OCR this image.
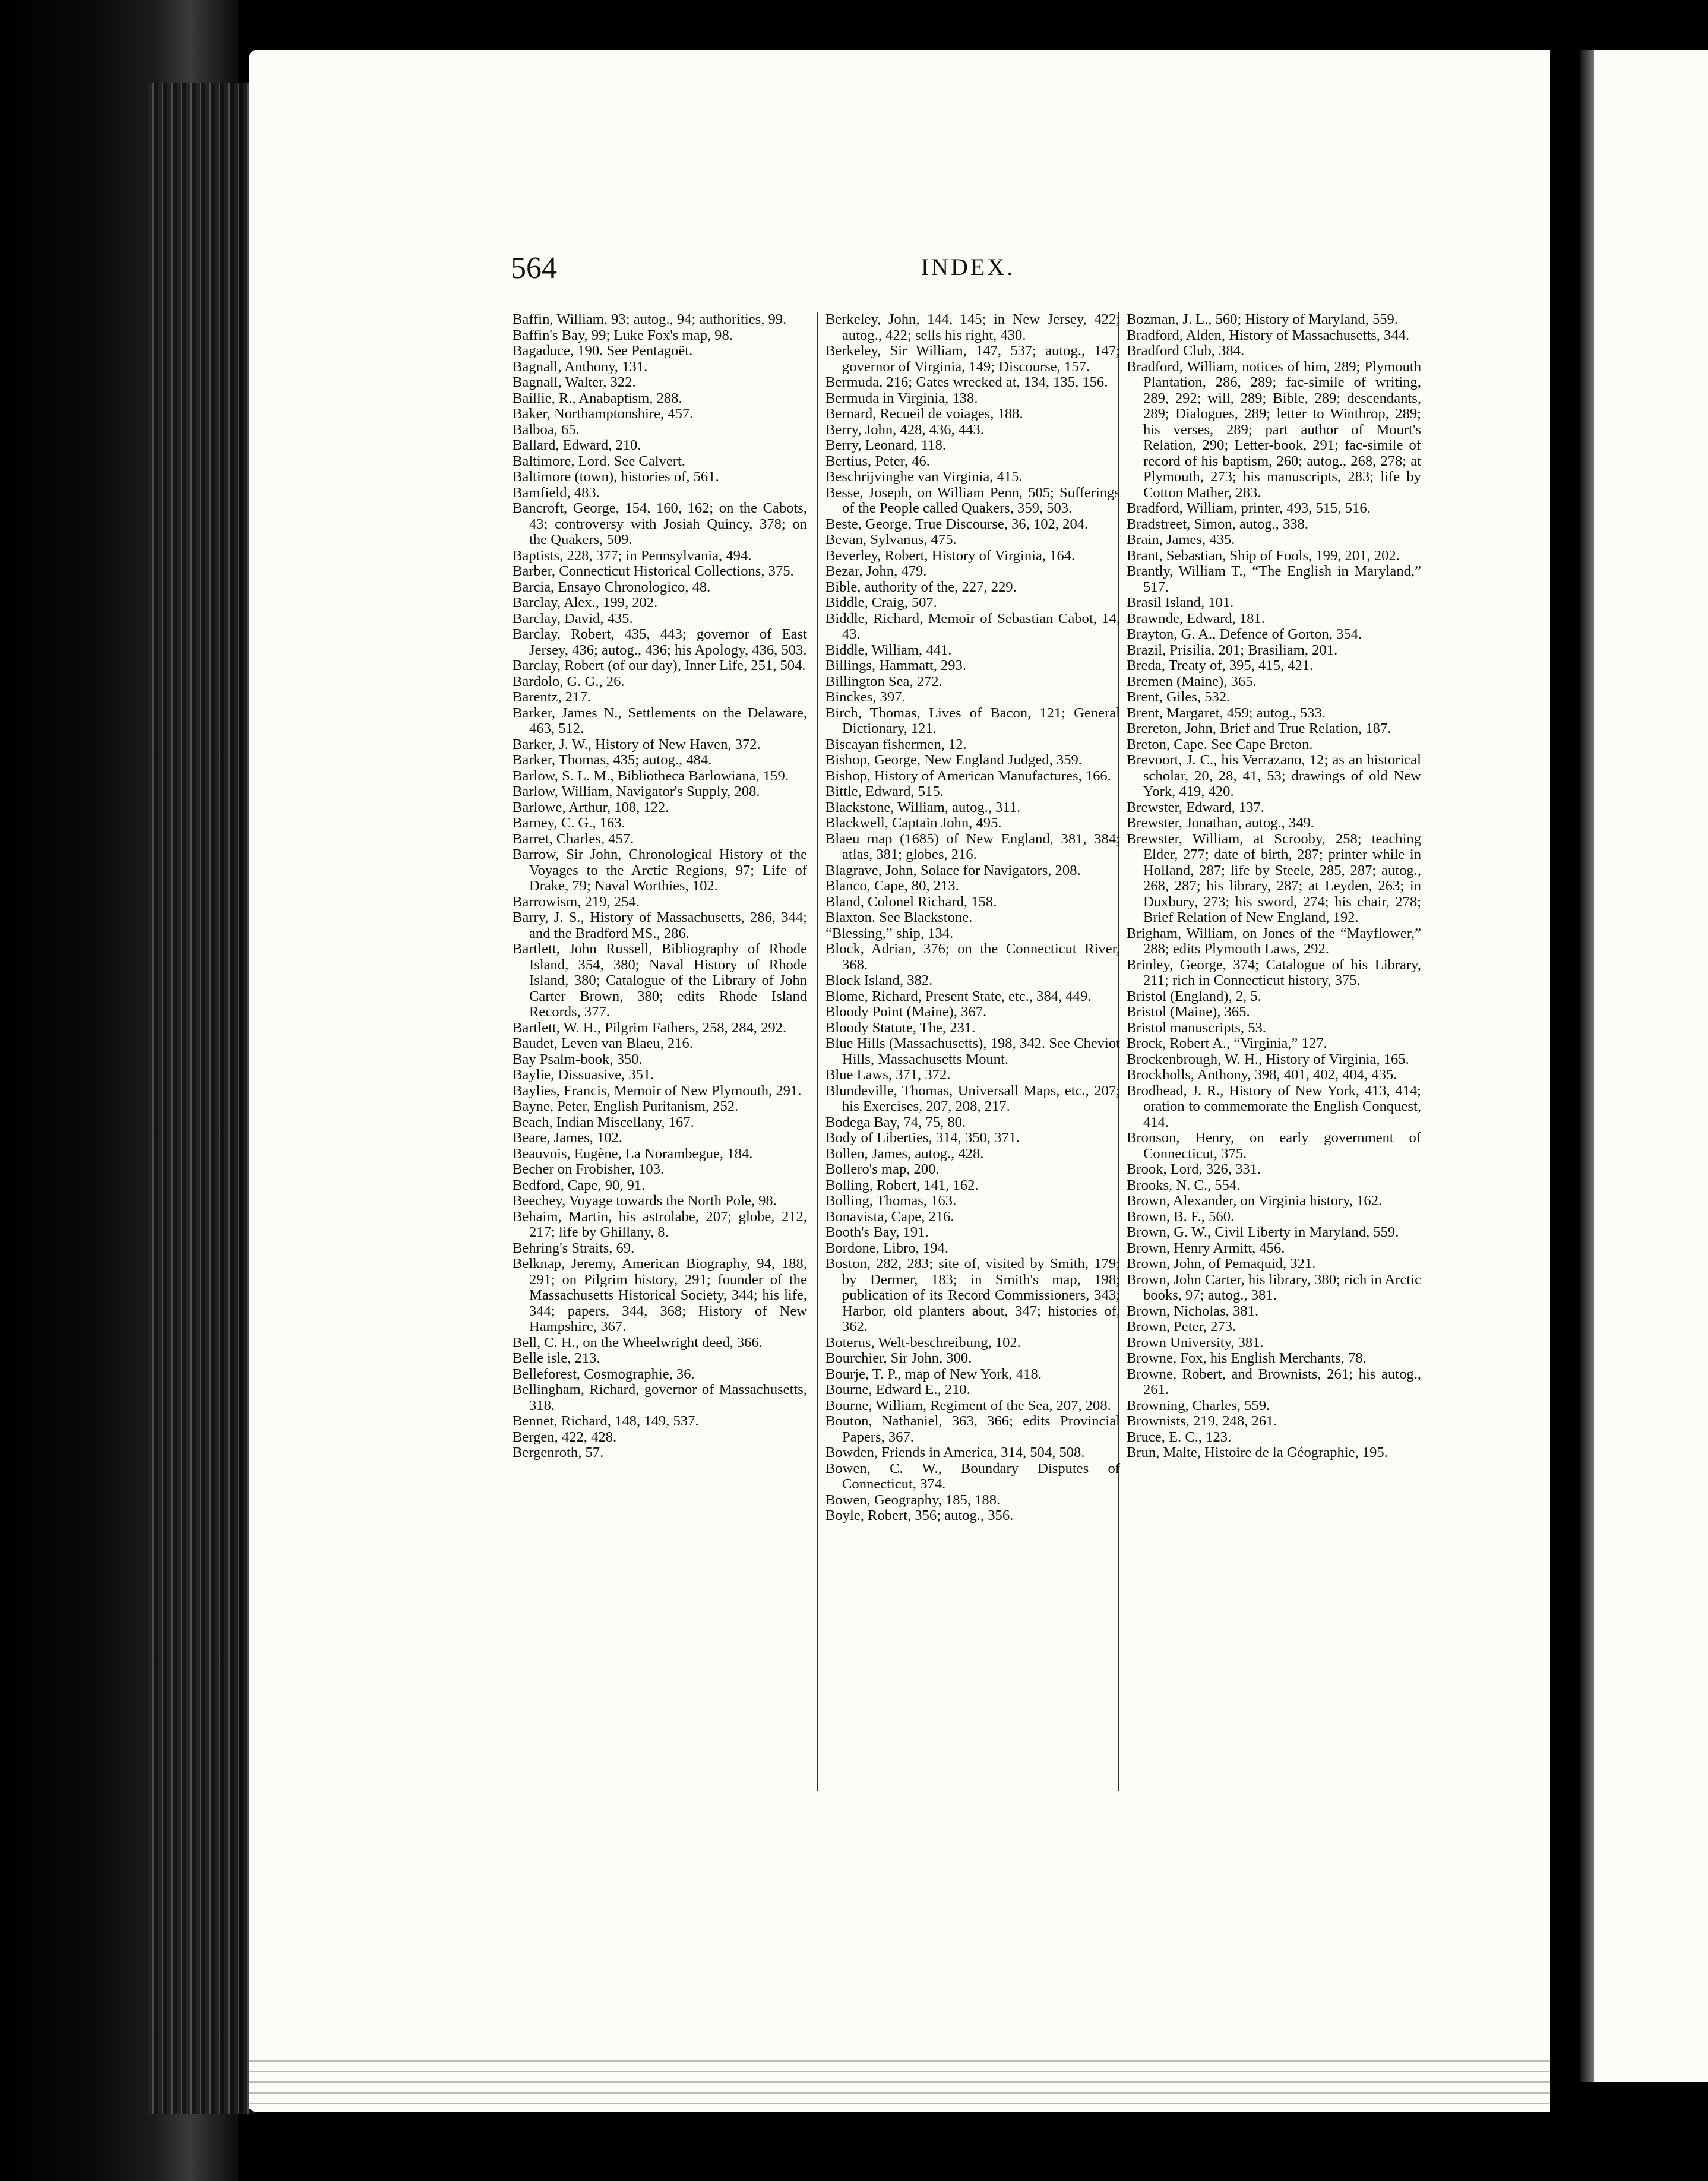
564	INDEX.

Baffin, William, 93; autog., 94; authorities, 99.

Baffin's Bay, 99; Luke Fox's map, 98.

Bagaduce, 190. See Pentagoët.

Bagnall, Anthony, 131.

Bagnall, Walter, 322.

Baillie, R., Anabaptism, 288.

Baker, Northamptonshire, 457.

Balboa, 65.

Ballard, Edward, 210.

Baltimore, Lord. See Calvert.

Baltimore (town), histories of, 561.

Bamfield, 483.

Bancroft, George, 154, 160, 162; on the Cabots, 43; controversy with Josiah Quincy, 378; on the Quakers, 509.

Baptists, 228, 377; in Pennsylvania, 494.

Barber, Connecticut Historical Collections, 375.

Barcia, Ensayo Chronologico, 48.

Barclay, Alex., 199, 202.

Barclay, David, 435.

Barclay, Robert, 435, 443; governor of East Jersey, 436; autog., 436; his Apology, 436, 503.

Barclay, Robert (of our day), Inner Life, 251, 504.

Bardolo, G. G., 26.

Barentz, 217.

Barker, James N., Settlements on the Delaware, 463, 512.

Barker, J. W., History of New Haven, 372.

Barker, Thomas, 435; autog., 484.

Barlow, S. L. M., Bibliotheca Barlowiana, 159.

Barlow, William, Navigator's Supply, 208.

Barlowe, Arthur, 108, 122.

Barney, C. G., 163.

Barret, Charles, 457.

Barrow, Sir John, Chronological History of the Voyages to the Arctic Regions, 97; Life of Drake, 79; Naval Worthies, 102.

Barrowism, 219, 254.

Barry, J. S., History of Massachusetts, 286, 344; and the Bradford MS., 286.

Bartlett, John Russell, Bibliography of Rhode Island, 354, 380; Naval History of Rhode Island, 380; Catalogue of the Library of John Carter Brown, 380; edits Rhode Island Records, 377.

Bartlett, W. H., Pilgrim Fathers, 258, 284, 292.

Baudet, Leven van Blaeu, 216.

Bay Psalm-book, 350.

Baylie, Dissuasive, 351.

Baylies, Francis, Memoir of New Plymouth, 291.

Bayne, Peter, English Puritanism, 252.

Beach, Indian Miscellany, 167.

Beare, James, 102.

Beauvois, Eugène, La Norambegue, 184.

Becher on Frobisher, 103.

Bedford, Cape, 90, 91.

Beechey, Voyage towards the North Pole, 98.

Behaim, Martin, his astrolabe, 207; globe, 212, 217; life by Ghillany, 8.

Behring's Straits, 69.

Belknap, Jeremy, American Biography, 94, 188, 291; on Pilgrim history, 291; founder of the Massachusetts Historical Society, 344; his life, 344; papers, 344, 368; History of New Hampshire, 367.

Bell, C. H., on the Wheelwright deed, 366.

Belle isle, 213.

Belleforest, Cosmographie, 36.

Bellingham, Richard, governor of Massachusetts, 318.

Bennet, Richard, 148, 149, 537.

Bergen, 422, 428.

Bergenroth, 57.

Berkeley, John, 144, 145; in New Jersey, 422; autog., 422; sells his right, 430.

Berkeley, Sir William, 147, 537; autog., 147; governor of Virginia, 149; Discourse, 157.

Bermuda, 216; Gates wrecked at, 134, 135, 156.

Bermuda in Virginia, 138.

Bernard, Recueil de voiages, 188.

Berry, John, 428, 436, 443.

Berry, Leonard, 118.

Bertius, Peter, 46.

Beschrijvinghe van Virginia, 415.

Besse, Joseph, on William Penn, 505; Sufferings of the People called Quakers, 359, 503.

Beste, George, True Discourse, 36, 102, 204.

Bevan, Sylvanus, 475.

Beverley, Robert, History of Virginia, 164.

Bezar, John, 479.

Bible, authority of the, 227, 229.

Biddle, Craig, 507.

Biddle, Richard, Memoir of Sebastian Cabot, 14, 43.

Biddle, William, 441.

Billings, Hammatt, 293.

Billington Sea, 272.

Binckes, 397.

Birch, Thomas, Lives of Bacon, 121; General Dictionary, 121.

Biscayan fishermen, 12.

Bishop, George, New England Judged, 359.

Bishop, History of American Manufactures, 166.

Bittle, Edward, 515.

Blackstone, William, autog., 311.

Blackwell, Captain John, 495.

Blaeu map (1685) of New England, 381, 384; atlas, 381; globes, 216.

Blagrave, John, Solace for Navigators, 208.

Blanco, Cape, 80, 213.

Bland, Colonel Richard, 158.

Blaxton. See Blackstone.

“Blessing,” ship, 134.

Block, Adrian, 376; on the Connecticut River, 368.

Block Island, 382.

Blome, Richard, Present State, etc., 384, 449.

Bloody Point (Maine), 367.

Bloody Statute, The, 231.

Blue Hills (Massachusetts), 198, 342. See Cheviot Hills, Massachusetts Mount.

Blue Laws, 371, 372.

Blundeville, Thomas, Universall Maps, etc., 207; his Exercises, 207, 208, 217.

Bodega Bay, 74, 75, 80.

Body of Liberties, 314, 350, 371.

Bollen, James, autog., 428.

Bollero's map, 200.

Bolling, Robert, 141, 162.

Bolling, Thomas, 163.

Bonavista, Cape, 216.

Booth's Bay, 191.

Bordone, Libro, 194.

Boston, 282, 283; site of, visited by Smith, 179; by Dermer, 183; in Smith's map, 198; publication of its Record Commissioners, 343; Harbor, old planters about, 347; histories of, 362.

Boterus, Welt-beschreibung, 102.

Bourchier, Sir John, 300.

Bourje, T. P., map of New York, 418.

Bourne, Edward E., 210.

Bourne, William, Regiment of the Sea, 207, 208.

Bouton, Nathaniel, 363, 366; edits Provincial Papers, 367.

Bowden, Friends in America, 314, 504, 508.

Bowen, C. W., Boundary Disputes of Connecticut, 374.

Bowen, Geography, 185, 188.

Boyle, Robert, 356; autog., 356.

Bozman, J. L., 560; History of Maryland, 559.

Bradford, Alden, History of Massachusetts, 344.

Bradford Club, 384.

Bradford, William, notices of him, 289; Plymouth Plantation, 286, 289; fac-simile of writing, 289, 292; will, 289; Bible, 289; descendants, 289; Dialogues, 289; letter to Winthrop, 289; his verses, 289; part author of Mourt's Relation, 290; Letter-book, 291; fac-simile of record of his baptism, 260; autog., 268, 278; at Plymouth, 273; his manuscripts, 283; life by Cotton Mather, 283.

Bradford, William, printer, 493, 515, 516.

Bradstreet, Simon, autog., 338.

Brain, James, 435.

Brant, Sebastian, Ship of Fools, 199, 201, 202.

Brantly, William T., “The English in Maryland,” 517.

Brasil Island, 101.

Brawnde, Edward, 181.

Brayton, G. A., Defence of Gorton, 354.

Brazil, Prisilia, 201; Brasiliam, 201.

Breda, Treaty of, 395, 415, 421.

Bremen (Maine), 365.

Brent, Giles, 532.

Brent, Margaret, 459; autog., 533.

Brereton, John, Brief and True Relation, 187.

Breton, Cape. See Cape Breton.

Brevoort, J. C., his Verrazano, 12; as an historical scholar, 20, 28, 41, 53; drawings of old New York, 419, 420.

Brewster, Edward, 137.

Brewster, Jonathan, autog., 349.

Brewster, William, at Scrooby, 258; teaching Elder, 277; date of birth, 287; printer while in Holland, 287; life by Steele, 285, 287; autog., 268, 287; his library, 287; at Leyden, 263; in Duxbury, 273; his sword, 274; his chair, 278; Brief Relation of New England, 192.

Brigham, William, on Jones of the “Mayflower,” 288; edits Plymouth Laws, 292.

Brinley, George, 374; Catalogue of his Library, 211; rich in Connecticut history, 375.

Bristol (England), 2, 5.

Bristol (Maine), 365.

Bristol manuscripts, 53.

Brock, Robert A., “Virginia,” 127.

Brockenbrough, W. H., History of Virginia, 165.

Brockholls, Anthony, 398, 401, 402, 404, 435.

Brodhead, J. R., History of New York, 413, 414; oration to commemorate the English Conquest, 414.

Bronson, Henry, on early government of Connecticut, 375.

Brook, Lord, 326, 331.

Brooks, N. C., 554.

Brown, Alexander, on Virginia history, 162.

Brown, B. F., 560.

Brown, G. W., Civil Liberty in Maryland, 559.

Brown, Henry Armitt, 456.

Brown, John, of Pemaquid, 321.

Brown, John Carter, his library, 380; rich in Arctic books, 97; autog., 381.

Brown, Nicholas, 381.

Brown, Peter, 273.

Brown University, 381.

Browne, Fox, his English Merchants, 78.

Browne, Robert, and Brownists, 261; his autog., 261.

Browning, Charles, 559.

Brownists, 219, 248, 261.

Bruce, E. C., 123.

Brun, Malte, Histoire de la Géographie, 195.
